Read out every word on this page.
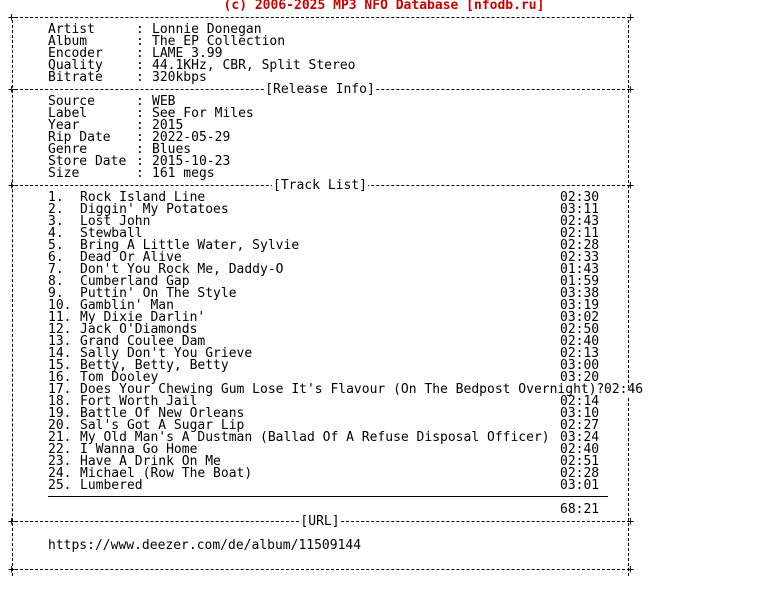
(c) 2006-2025 MP3 NFO Database [nfodb.ru]
+	+
Artist	: Lonnie Donegan
Album	: The EP Collection
Encoder	: LAME 3.99
Quality	: 44.1KHz, CBR, Split Stereo
Bitrate	: 320kbps
+	+
[Release Info]
Source	: WEB
Label	: See For Miles
Year	: 2015
Rip Date : 2022-05-29
Genre	: Blues
Store Date : 2015-10-23
Size	: 161 megs
+	+
[Track List]
1. Rock Island Line	02:30
2. Diggin' My Potatoes	03:11
3. Lost John	02:43
4. Stewball	02:11
5. Bring A Little Water, Sylvie	02:28
6. Dead Or Alive	02:33
7. Don't You Rock Me, Daddy-O	01:43
8. Cumberland Gap	01:59
9. Puttin' On The Style	03:38
10. Gamblin' Man	03:19
11. My Dixie Darlin'	03:02
12. Jack O'Diamonds	02:50
13. Grand Coulee Dam	02:40
14. Sally Don't You Grieve	02:13
15. Betty, Betty, Betty	03:00
16. Tom Dooley	03:20
17. Does Your Chewing Gum Lose It's Flavour (On The Bedpost Overnight)? 02:46
18. Fort Worth Jail	02:14
19. Battle Of New Orleans	03:10
20. Sal's Got A Sugar Lip	02:27
21. My Old Man's A Dustman (Ballad Of A Refuse Disposal Officer) 03:24
22. I Wanna Go Home	02:40
23. Have A Drink On Me	02:51
24. Michael (Row The Boat)	02:28
25. Lumbered	03:01
68:21
+	+
[URL]
https://www.deezer.com/de/album/11509144
+	+
